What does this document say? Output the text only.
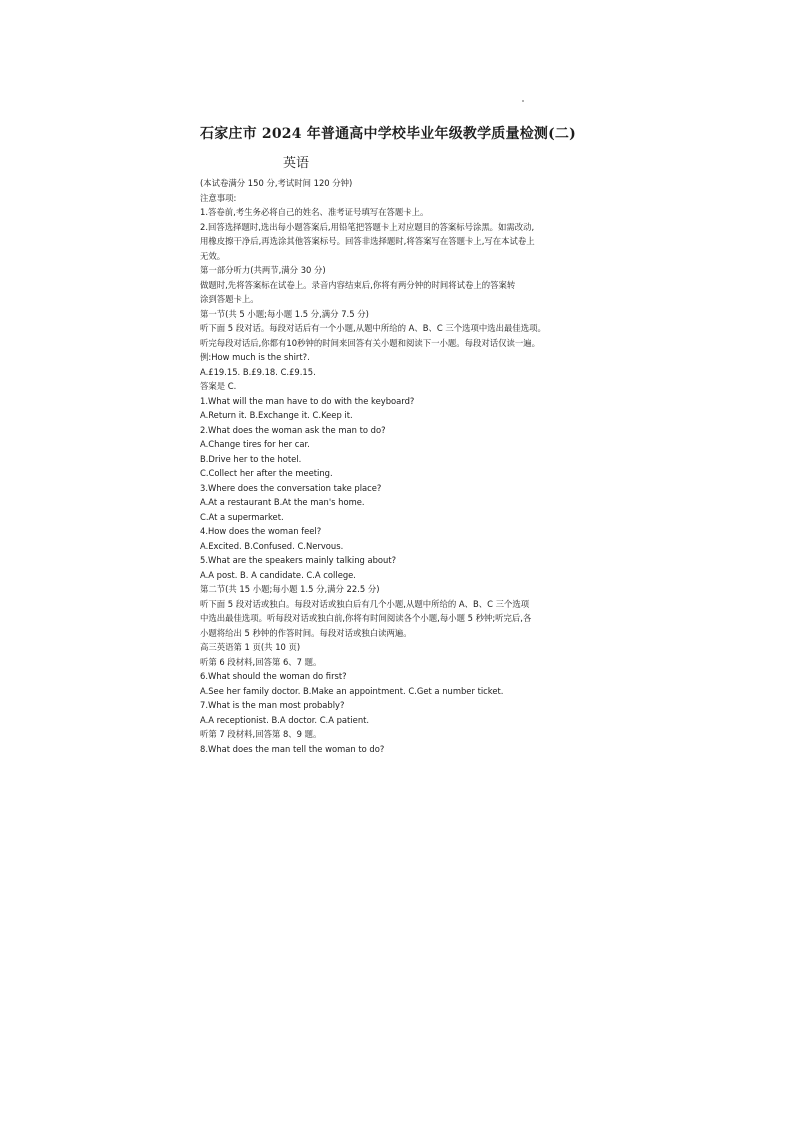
石家庄市 2024 年普通高中学校毕业年级教学质量检测(二)
英语
(本试卷满分 150 分,考试时间 120 分钟)
注意事项:
1.答卷前,考生务必将自己的姓名、准考证号填写在答题卡上。
2.回答选择题时,选出每小题答案后,用铅笔把答题卡上对应题目的答案标号涂黑。如需改动,
用橡皮擦干净后,再选涂其他答案标号。回答非选择题时,将答案写在答题卡上,写在本试卷上
无效。
第一部分听力(共两节,满分 30 分)
做题时,先将答案标在试卷上。录音内容结束后,你将有两分钟的时间将试卷上的答案转
涂到答题卡上。
第一节(共 5 小题;每小题 1.5 分,满分 7.5 分)
听下面 5 段对话。每段对话后有一个小题,从题中所给的 A、B、C 三个选项中选出最佳选项。
听完每段对话后,你都有10秒钟的时间来回答有关小题和阅读下一小题。每段对话仅读一遍。
例:How much is the shirt?.
A.£19.15. B.£9.18. C.£9.15.
答案是 C.
1.What will the man have to do with the keyboard?
A.Return it. B.Exchange it. C.Keep it.
2.What does the woman ask the man to do?
A.Change tires for her car.
B.Drive her to the hotel.
C.Collect her after the meeting.
3.Where does the conversation take place?
A.At a restaurant B.At the man's home.
C.At a supermarket.
4.How does the woman feel?
A.Excited. B.Confused. C.Nervous.
5.What are the speakers mainly talking about?
A.A post. B. A candidate. C.A college.
第二节(共 15 小题;每小题 1.5 分,满分 22.5 分)
听下面 5 段对话或独白。每段对话或独白后有几个小题,从题中所给的 A、B、C 三个选项
中选出最佳选项。听每段对话或独白前,你将有时间阅读各个小题,每小题 5 秒钟;听完后,各
小题将给出 5 秒钟的作答时间。每段对话或独白读两遍。
高三英语第 1 页(共 10 页)
听第 6 段材料,回答第 6、7 题。
6.What should the woman do first?
A.See her family doctor. B.Make an appointment. C.Get a number ticket.
7.What is the man most probably?
A.A receptionist. B.A doctor. C.A patient.
听第 7 段材料,回答第 8、9 题。
8.What does the man tell the woman to do?
